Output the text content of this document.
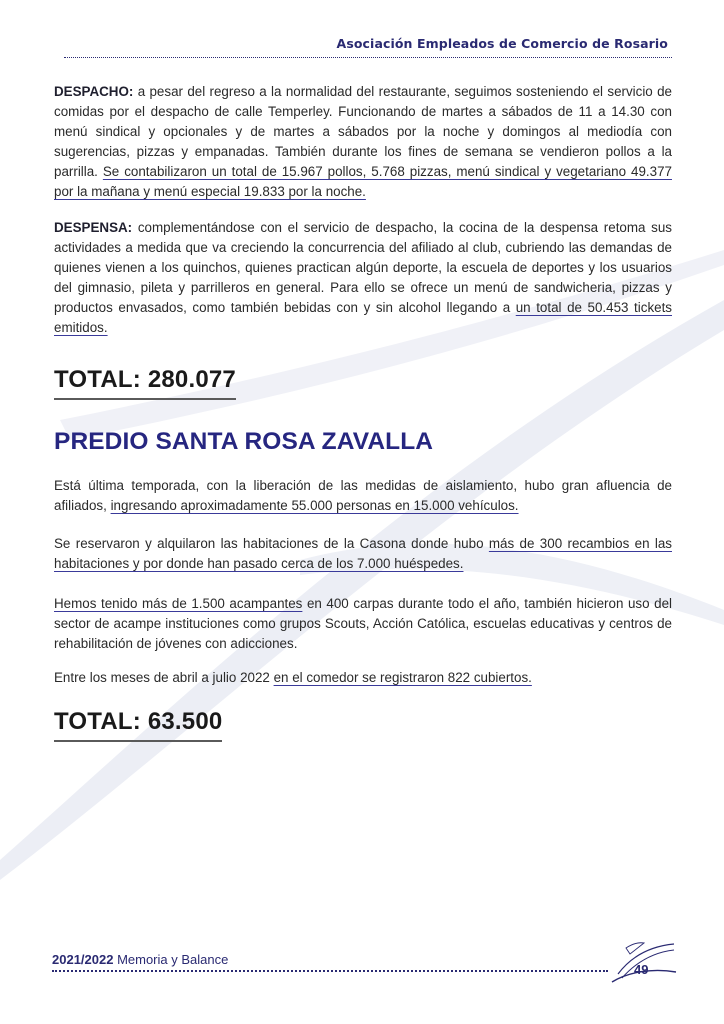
Asociación Empleados de Comercio de Rosario

DESPACHO: a pesar del regreso a la normalidad del restaurante, seguimos sosteniendo el servicio de comidas por el despacho de calle Temperley. Funcionando de martes a sábados de 11 a 14.30 con menú sindical y opcionales y de martes a sábados por la noche y domingos al mediodía con sugerencias, pizzas y empanadas. También durante los fines de semana se vendieron pollos a la parrilla. Se contabilizaron un total de 15.967 pollos, 5.768 pizzas, menú sindical y vegetariano 49.377 por la mañana y menú especial 19.833 por la noche.

DESPENSA: complementándose con el servicio de despacho, la cocina de la despensa retoma sus actividades a medida que va creciendo la concurrencia del afiliado al club, cubriendo las demandas de quienes vienen a los quinchos, quienes practican algún deporte, la escuela de deportes y los usuarios del gimnasio, pileta y parrilleros en general. Para ello se ofrece un menú de sandwicheria, pizzas y productos envasados, como también bebidas con y sin alcohol llegando a un total de 50.453 tickets emitidos.

TOTAL: 280.077
PREDIO SANTA ROSA ZAVALLA

Está última temporada, con la liberación de las medidas de aislamiento, hubo gran afluencia de afiliados, ingresando aproximadamente 55.000 personas en 15.000 vehículos.

Se reservaron y alquilaron las habitaciones de la Casona donde hubo más de 300 recambios en las habitaciones y por donde han pasado cerca de los 7.000 huéspedes.

Hemos tenido más de 1.500 acampantes en 400 carpas durante todo el año, también hicieron uso del sector de acampe instituciones como grupos Scouts, Acción Católica, escuelas educativas y centros de rehabilitación de jóvenes con adicciones.

Entre los meses de abril a julio 2022 en el comedor se registraron 822 cubiertos.

TOTAL: 63.500
2021/2022 Memoria y Balance
49
